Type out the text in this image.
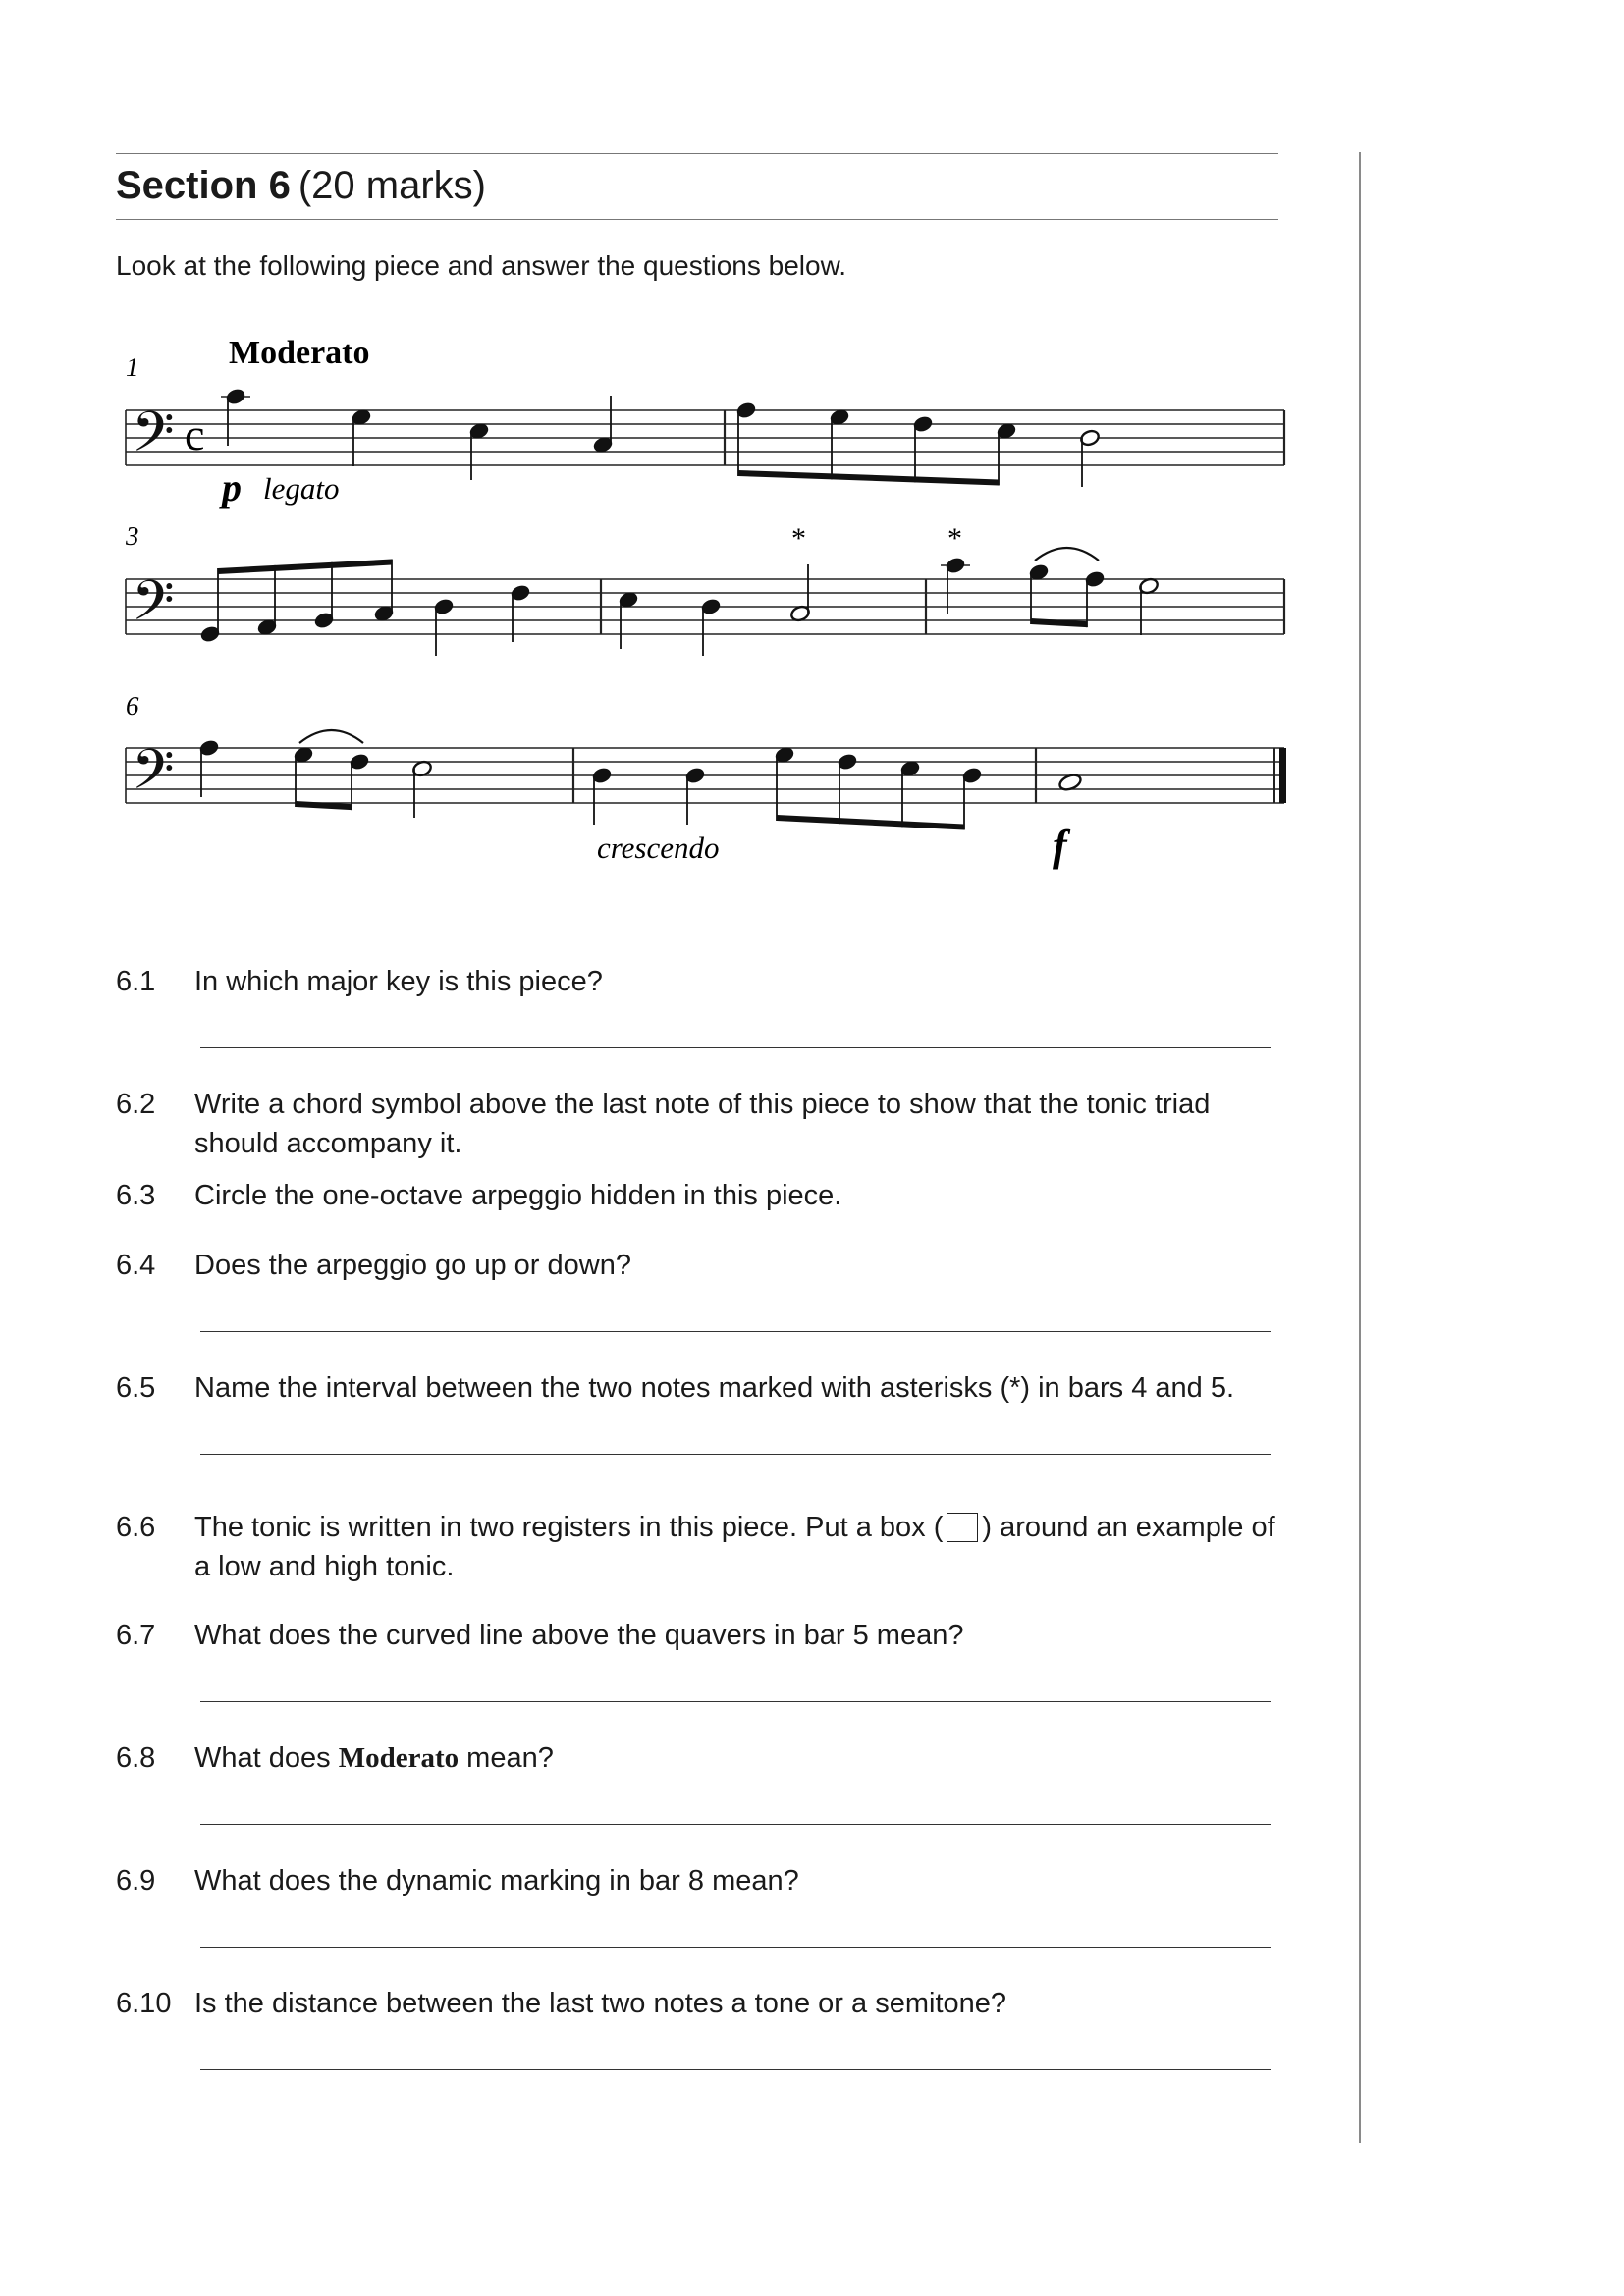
Section 6 (20 marks)
Look at the following piece and answer the questions below.
Moderato
1
3
6
𝄢
𝄢
𝄢
p legato
crescendo	f
*	*
c
6.1 In which major key is this piece?
6.2 Write a chord symbol above the last note of this piece to show that the tonic triad should accompany it.
6.3 Circle the one-octave arpeggio hidden in this piece.
6.4 Does the arpeggio go up or down?
6.5 Name the interval between the two notes marked with asterisks (*) in bars 4 and 5.
6.6 The tonic is written in two registers in this piece. Put a box ( ) around an example of a low and high tonic.
6.7 What does the curved line above the quavers in bar 5 mean?
6.8 What does Moderato mean?
6.9 What does the dynamic marking in bar 8 mean?
6.10 Is the distance between the last two notes a tone or a semitone?
